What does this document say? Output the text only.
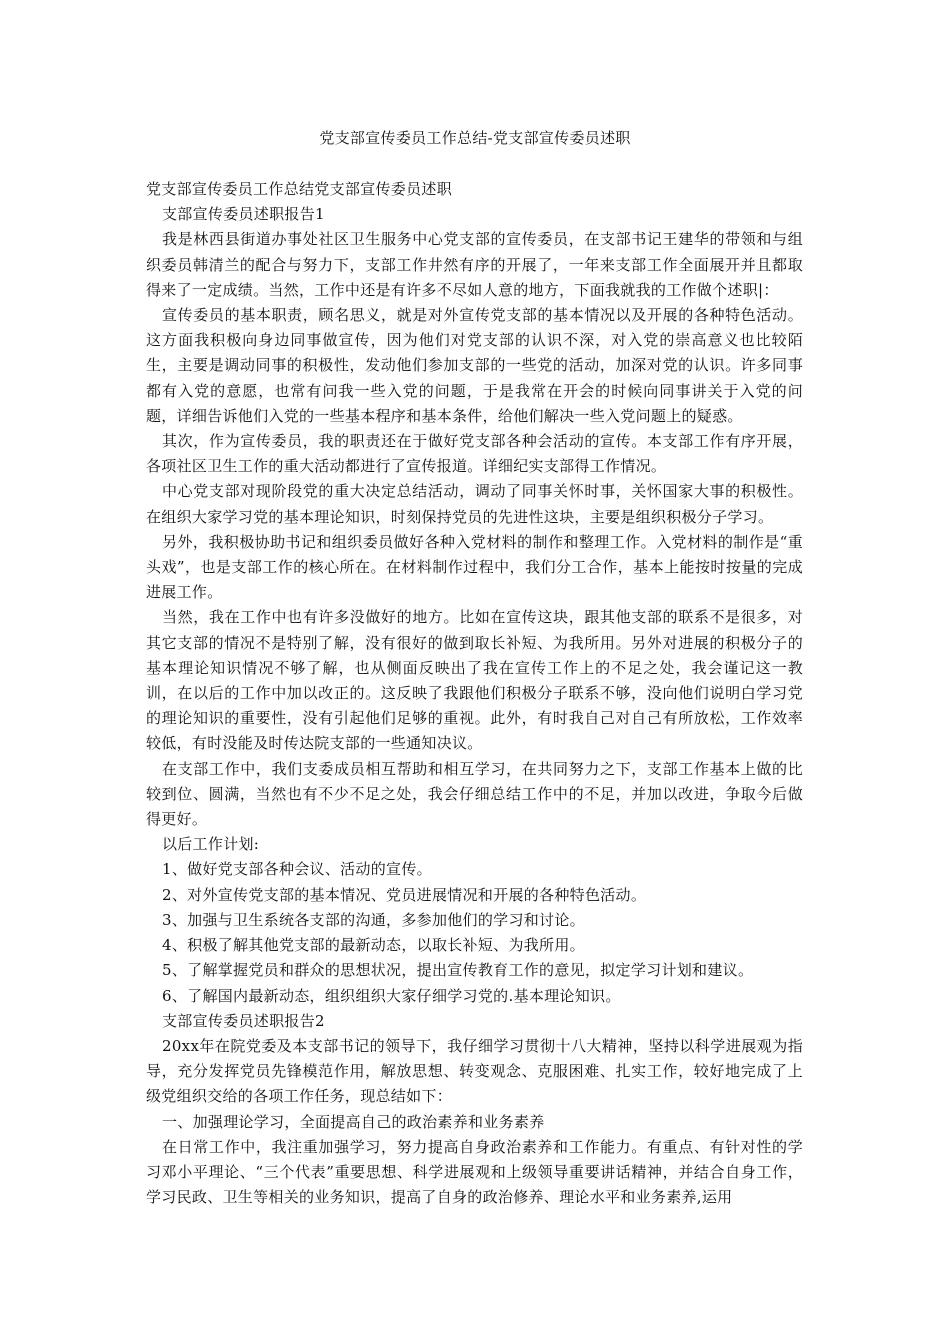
党支部宣传委员工作总结-党支部宣传委员述职

党支部宣传委员工作总结党支部宣传委员述职

支部宣传委员述职报告1

我是林西县街道办事处社区卫生服务中心党支部的宣传委员，在支部书记王建华的带领和与组织委员韩清兰的配合与努力下，支部工作井然有序的开展了，一年来支部工作全面展开并且都取得来了一定成绩。当然，工作中还是有许多不尽如人意的地方，下面我就我的工作做个述职|：

宣传委员的基本职责，顾名思义，就是对外宣传党支部的基本情况以及开展的各种特色活动。这方面我积极向身边同事做宣传，因为他们对党支部的认识不深，对入党的崇高意义也比较陌生，主要是调动同事的积极性，发动他们参加支部的一些党的活动，加深对党的认识。许多同事都有入党的意愿，也常有问我一些入党的问题，于是我常在开会的时候向同事讲关于入党的问题，详细告诉他们入党的一些基本程序和基本条件，给他们解决一些入党问题上的疑惑。

其次，作为宣传委员，我的职责还在于做好党支部各种会活动的宣传。本支部工作有序开展，各项社区卫生工作的重大活动都进行了宣传报道。详细纪实支部得工作情况。

中心党支部对现阶段党的重大决定总结活动，调动了同事关怀时事，关怀国家大事的积极性。在组织大家学习党的基本理论知识，时刻保持党员的先进性这块，主要是组织积极分子学习。

另外，我积极协助书记和组织委员做好各种入党材料的制作和整理工作。入党材料的制作是“重头戏”，也是支部工作的核心所在。在材料制作过程中，我们分工合作，基本上能按时按量的完成进展工作。

当然，我在工作中也有许多没做好的地方。比如在宣传这块，跟其他支部的联系不是很多，对其它支部的情况不是特别了解，没有很好的做到取长补短、为我所用。另外对进展的积极分子的基本理论知识情况不够了解，也从侧面反映出了我在宣传工作上的不足之处，我会谨记这一教训，在以后的工作中加以改正的。这反映了我跟他们积极分子联系不够，没向他们说明白学习党的理论知识的重要性，没有引起他们足够的重视。此外，有时我自己对自己有所放松，工作效率较低，有时没能及时传达院支部的一些通知决议。

在支部工作中，我们支委成员相互帮助和相互学习，在共同努力之下，支部工作基本上做的比较到位、圆满，当然也有不少不足之处，我会仔细总结工作中的不足，并加以改进，争取今后做得更好。

以后工作计划:

1、做好党支部各种会议、活动的宣传。

2、对外宣传党支部的基本情况、党员进展情况和开展的各种特色活动。

3、加强与卫生系统各支部的沟通，多参加他们的学习和讨论。

4、积极了解其他党支部的最新动态，以取长补短、为我所用。

5、了解掌握党员和群众的思想状况，提出宣传教育工作的意见，拟定学习计划和建议。

6、了解国内最新动态，组织组织大家仔细学习党的.基本理论知识。

支部宣传委员述职报告2

20xx年在院党委及本支部书记的领导下，我仔细学习贯彻十八大精神，坚持以科学进展观为指导，充分发挥党员先锋模范作用，解放思想、转变观念、克服困难、扎实工作，较好地完成了上级党组织交给的各项工作任务，现总结如下：

一、加强理论学习，全面提高自己的政治素养和业务素养

在日常工作中，我注重加强学习，努力提高自身政治素养和工作能力。有重点、有针对性的学习邓小平理论、“三个代表”重要思想、科学进展观和上级领导重要讲话精神，并结合自身工作，学习民政、卫生等相关的业务知识，提高了自身的政治修养、理论水平和业务素养,运用
